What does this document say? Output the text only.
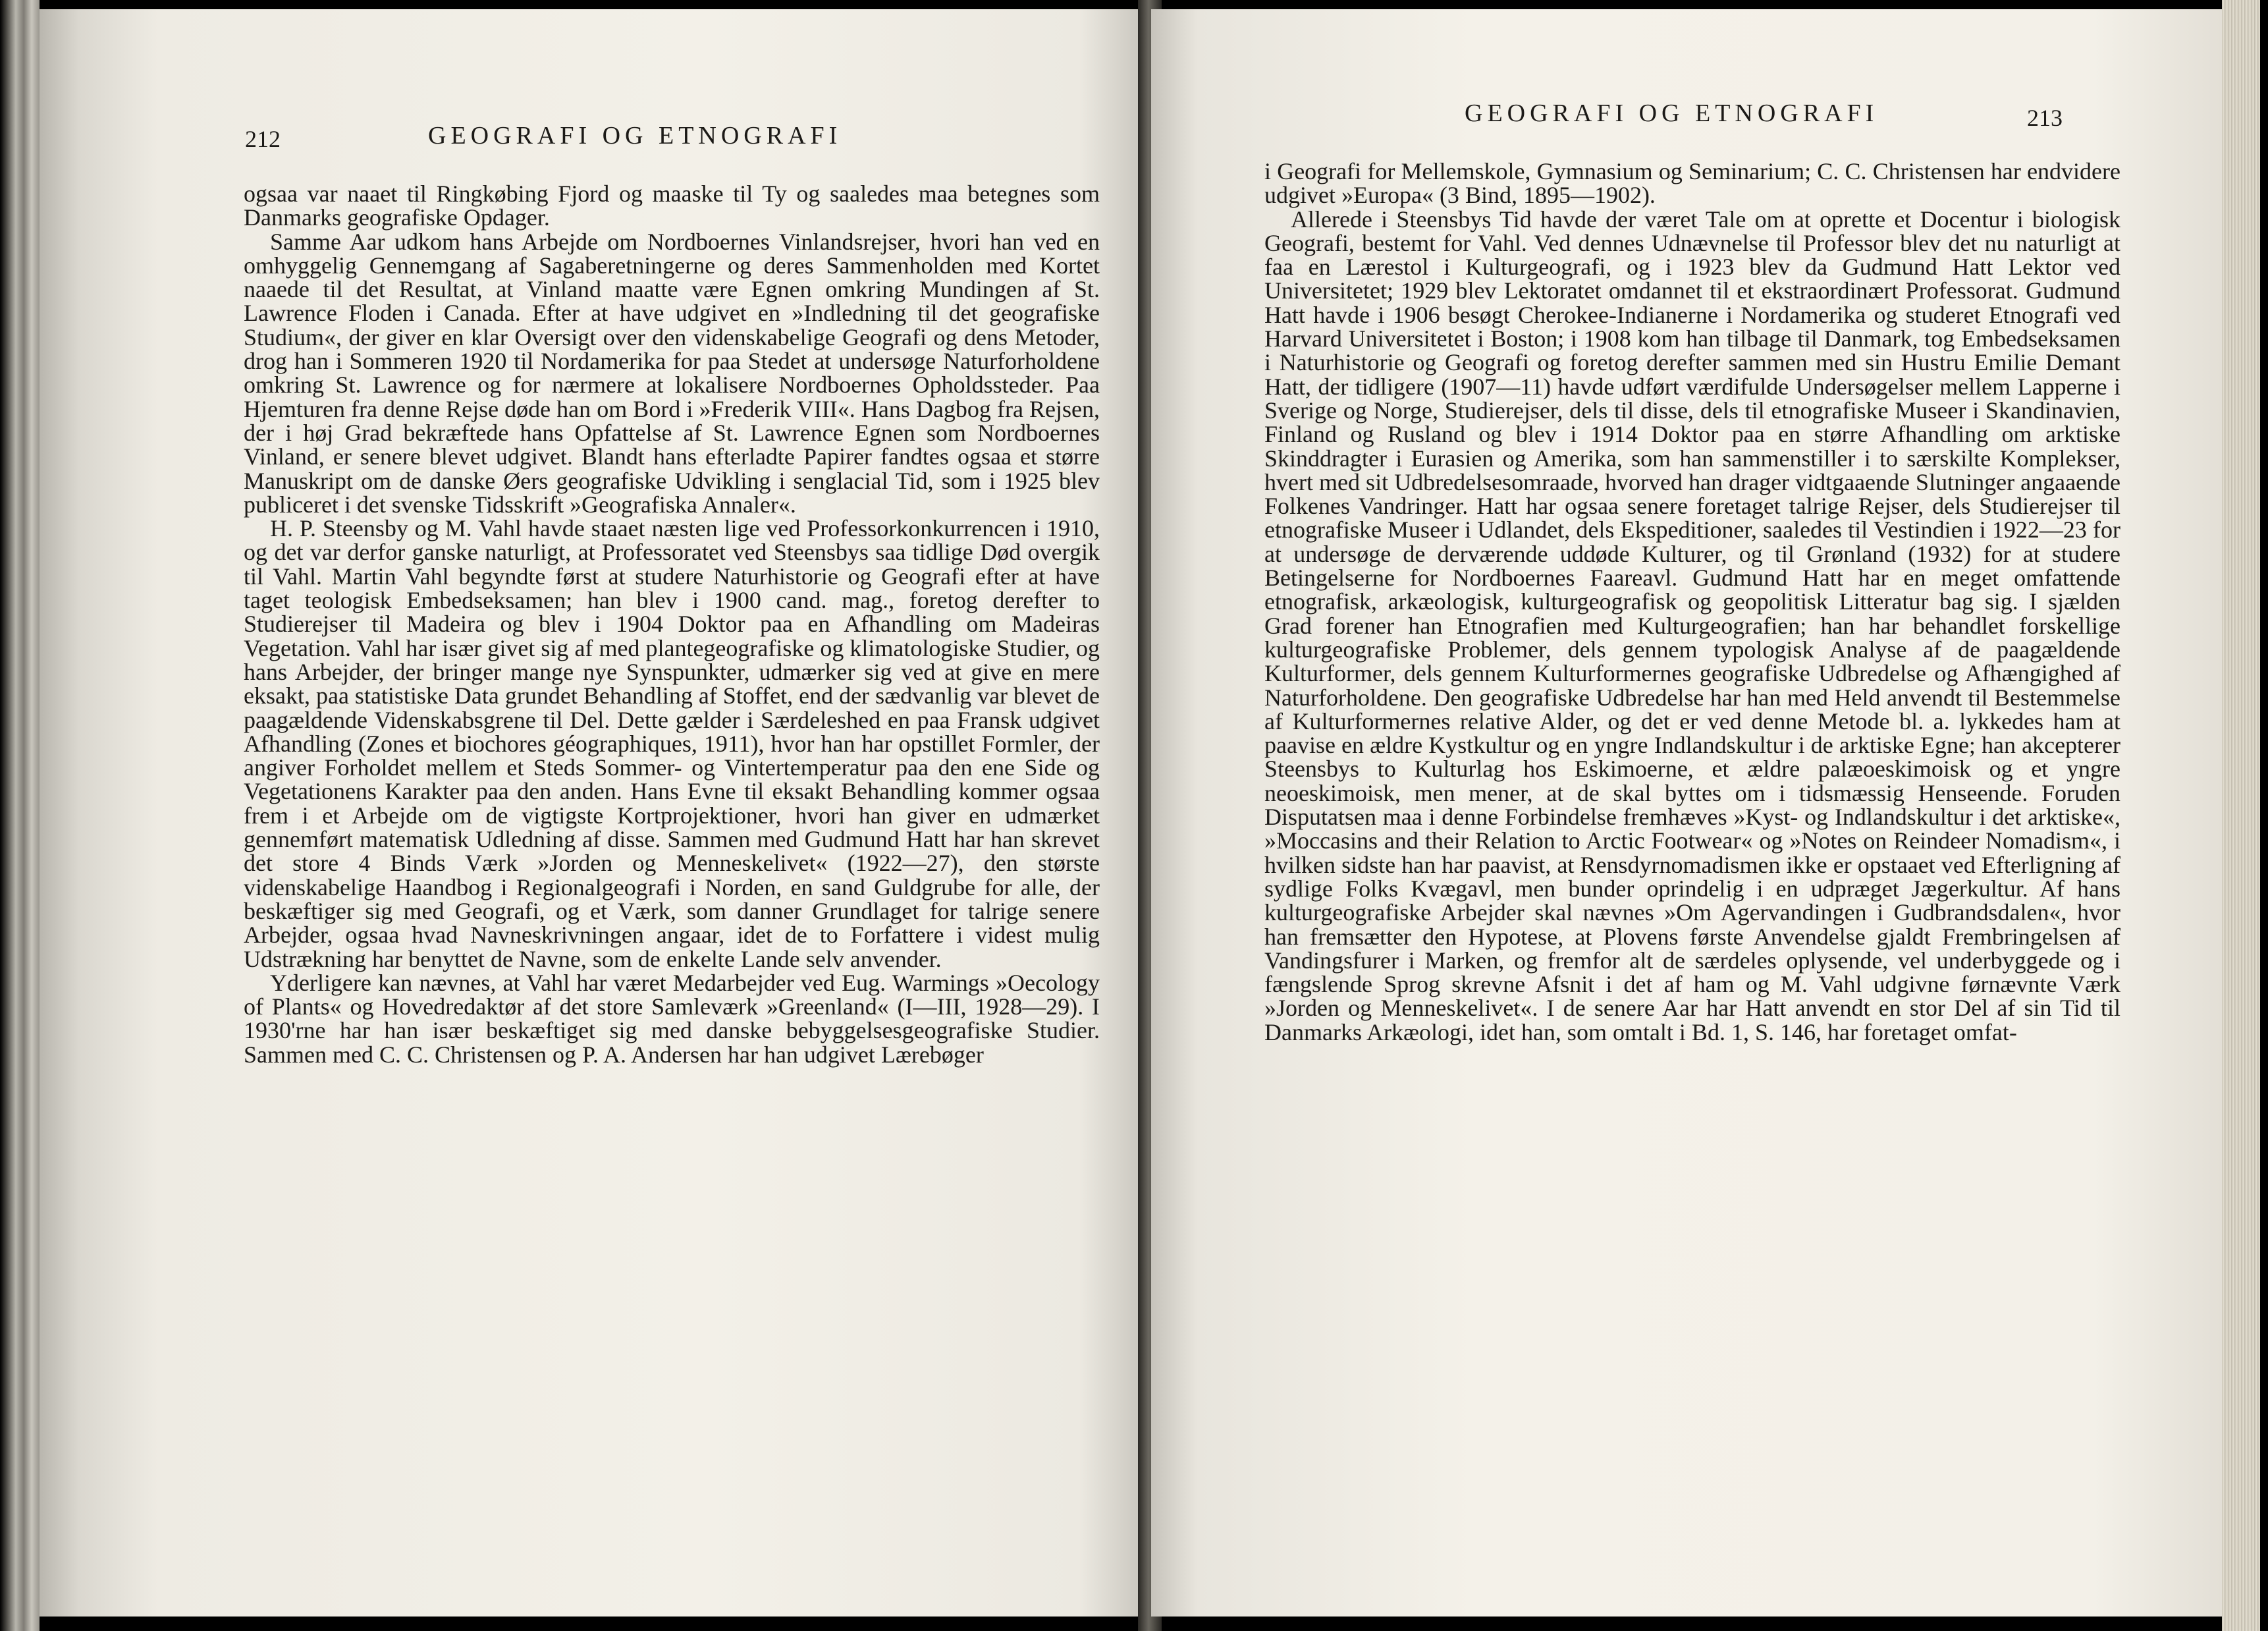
212	GEOGRAFI OG ETNOGRAFI

ogsaa var naaet til Ringkøbing Fjord og maaske til Ty og saaledes maa betegnes som Danmarks geografiske Opdager.

Samme Aar udkom hans Arbejde om Nordboernes Vinlandsrejser, hvori han ved en omhyggelig Gennemgang af Sagaberetningerne og deres Sammenholden med Kortet naaede til det Resultat, at Vinland maatte være Egnen omkring Mundingen af St. Lawrence Floden i Canada. Efter at have udgivet en »Indledning til det geografiske Studium«, der giver en klar Oversigt over den videnskabelige Geografi og dens Metoder, drog han i Sommeren 1920 til Nordamerika for paa Stedet at undersøge Naturforholdene omkring St. Lawrence og for nærmere at lokalisere Nordboernes Opholdssteder. Paa Hjemturen fra denne Rejse døde han om Bord i »Frederik VIII«. Hans Dagbog fra Rejsen, der i høj Grad bekræftede hans Opfattelse af St. Lawrence Egnen som Nordboernes Vinland, er senere blevet udgivet. Blandt hans efterladte Papirer fandtes ogsaa et større Manuskript om de danske Øers geografiske Udvikling i senglacial Tid, som i 1925 blev publiceret i det svenske Tidsskrift »Geografiska Annaler«.

H. P. Steensby og M. Vahl havde staaet næsten lige ved Professorkonkurrencen i 1910, og det var derfor ganske naturligt, at Professoratet ved Steensbys saa tidlige Død overgik til Vahl. Martin Vahl begyndte først at studere Naturhistorie og Geografi efter at have taget teologisk Embedseksamen; han blev i 1900 cand. mag., foretog derefter to Studierejser til Madeira og blev i 1904 Doktor paa en Afhandling om Madeiras Vegetation. Vahl har især givet sig af med plantegeografiske og klimatologiske Studier, og hans Arbejder, der bringer mange nye Synspunkter, udmærker sig ved at give en mere eksakt, paa statistiske Data grundet Behandling af Stoffet, end der sædvanlig var blevet de paagældende Videnskabsgrene til Del. Dette gælder i Særdeleshed en paa Fransk udgivet Afhandling (Zones et biochores géographiques, 1911), hvor han har opstillet Formler, der angiver Forholdet mellem et Steds Sommer- og Vintertemperatur paa den ene Side og Vegetationens Karakter paa den anden. Hans Evne til eksakt Behandling kommer ogsaa frem i et Arbejde om de vigtigste Kortprojektioner, hvori han giver en udmærket gennemført matematisk Udledning af disse. Sammen med Gudmund Hatt har han skrevet det store 4 Binds Værk »Jorden og Menneskelivet« (1922—27), den største videnskabelige Haandbog i Regionalgeografi i Norden, en sand Guldgrube for alle, der beskæftiger sig med Geografi, og et Værk, som danner Grundlaget for talrige senere Arbejder, ogsaa hvad Navneskrivningen angaar, idet de to Forfattere i videst mulig Udstrækning har benyttet de Navne, som de enkelte Lande selv anvender.

Yderligere kan nævnes, at Vahl har været Medarbejder ved Eug. Warmings »Oecology of Plants« og Hovedredaktør af det store Samleværk »Greenland« (I—III, 1928—29). I 1930'rne har han især beskæftiget sig med danske bebyggelsesgeografiske Studier. Sammen med C. C. Christensen og P. A. Andersen har han udgivet Lærebøger

GEOGRAFI OG ETNOGRAFI	213

i Geografi for Mellemskole, Gymnasium og Seminarium; C. C. Christensen har endvidere udgivet »Europa« (3 Bind, 1895—1902).

Allerede i Steensbys Tid havde der været Tale om at oprette et Docentur i biologisk Geografi, bestemt for Vahl. Ved dennes Udnævnelse til Professor blev det nu naturligt at faa en Lærestol i Kulturgeografi, og i 1923 blev da Gudmund Hatt Lektor ved Universitetet; 1929 blev Lektoratet omdannet til et ekstraordinært Professorat. Gudmund Hatt havde i 1906 besøgt Cherokee-Indianerne i Nordamerika og studeret Etnografi ved Harvard Universitetet i Boston; i 1908 kom han tilbage til Danmark, tog Embedseksamen i Naturhistorie og Geografi og foretog derefter sammen med sin Hustru Emilie Demant Hatt, der tidligere (1907—11) havde udført værdifulde Undersøgelser mellem Lapperne i Sverige og Norge, Studierejser, dels til disse, dels til etnografiske Museer i Skandinavien, Finland og Rusland og blev i 1914 Doktor paa en større Afhandling om arktiske Skinddragter i Eurasien og Amerika, som han sammenstiller i to særskilte Komplekser, hvert med sit Udbredelsesomraade, hvorved han drager vidtgaaende Slutninger angaaende Folkenes Vandringer. Hatt har ogsaa senere foretaget talrige Rejser, dels Studierejser til etnografiske Museer i Udlandet, dels Ekspeditioner, saaledes til Vestindien i 1922—23 for at undersøge de derværende uddøde Kulturer, og til Grønland (1932) for at studere Betingelserne for Nordboernes Faareavl. Gudmund Hatt har en meget omfattende etnografisk, arkæologisk, kulturgeografisk og geopolitisk Litteratur bag sig. I sjælden Grad forener han Etnografien med Kulturgeografien; han har behandlet forskellige kulturgeografiske Problemer, dels gennem typologisk Analyse af de paagældende Kulturformer, dels gennem Kulturformernes geografiske Udbredelse og Afhængighed af Naturforholdene. Den geografiske Udbredelse har han med Held anvendt til Bestemmelse af Kulturformernes relative Alder, og det er ved denne Metode bl. a. lykkedes ham at paavise en ældre Kystkultur og en yngre Indlandskultur i de arktiske Egne; han akcepterer Steensbys to Kulturlag hos Eskimoerne, et ældre palæoeskimoisk og et yngre neoeskimoisk, men mener, at de skal byttes om i tidsmæssig Henseende. Foruden Disputatsen maa i denne Forbindelse fremhæves »Kyst- og Indlandskultur i det arktiske«, »Moccasins and their Relation to Arctic Footwear« og »Notes on Reindeer Nomadism«, i hvilken sidste han har paavist, at Rensdyrnomadismen ikke er opstaaet ved Efterligning af sydlige Folks Kvægavl, men bunder oprindelig i en udpræget Jægerkultur. Af hans kulturgeografiske Arbejder skal nævnes »Om Agervandingen i Gudbrandsdalen«, hvor han fremsætter den Hypotese, at Plovens første Anvendelse gjaldt Frembringelsen af Vandingsfurer i Marken, og fremfor alt de særdeles oplysende, vel underbyggede og i fængslende Sprog skrevne Afsnit i det af ham og M. Vahl udgivne førnævnte Værk »Jorden og Menneskelivet«. I de senere Aar har Hatt anvendt en stor Del af sin Tid til Danmarks Arkæologi, idet han, som omtalt i Bd. 1, S. 146, har foretaget omfat-
